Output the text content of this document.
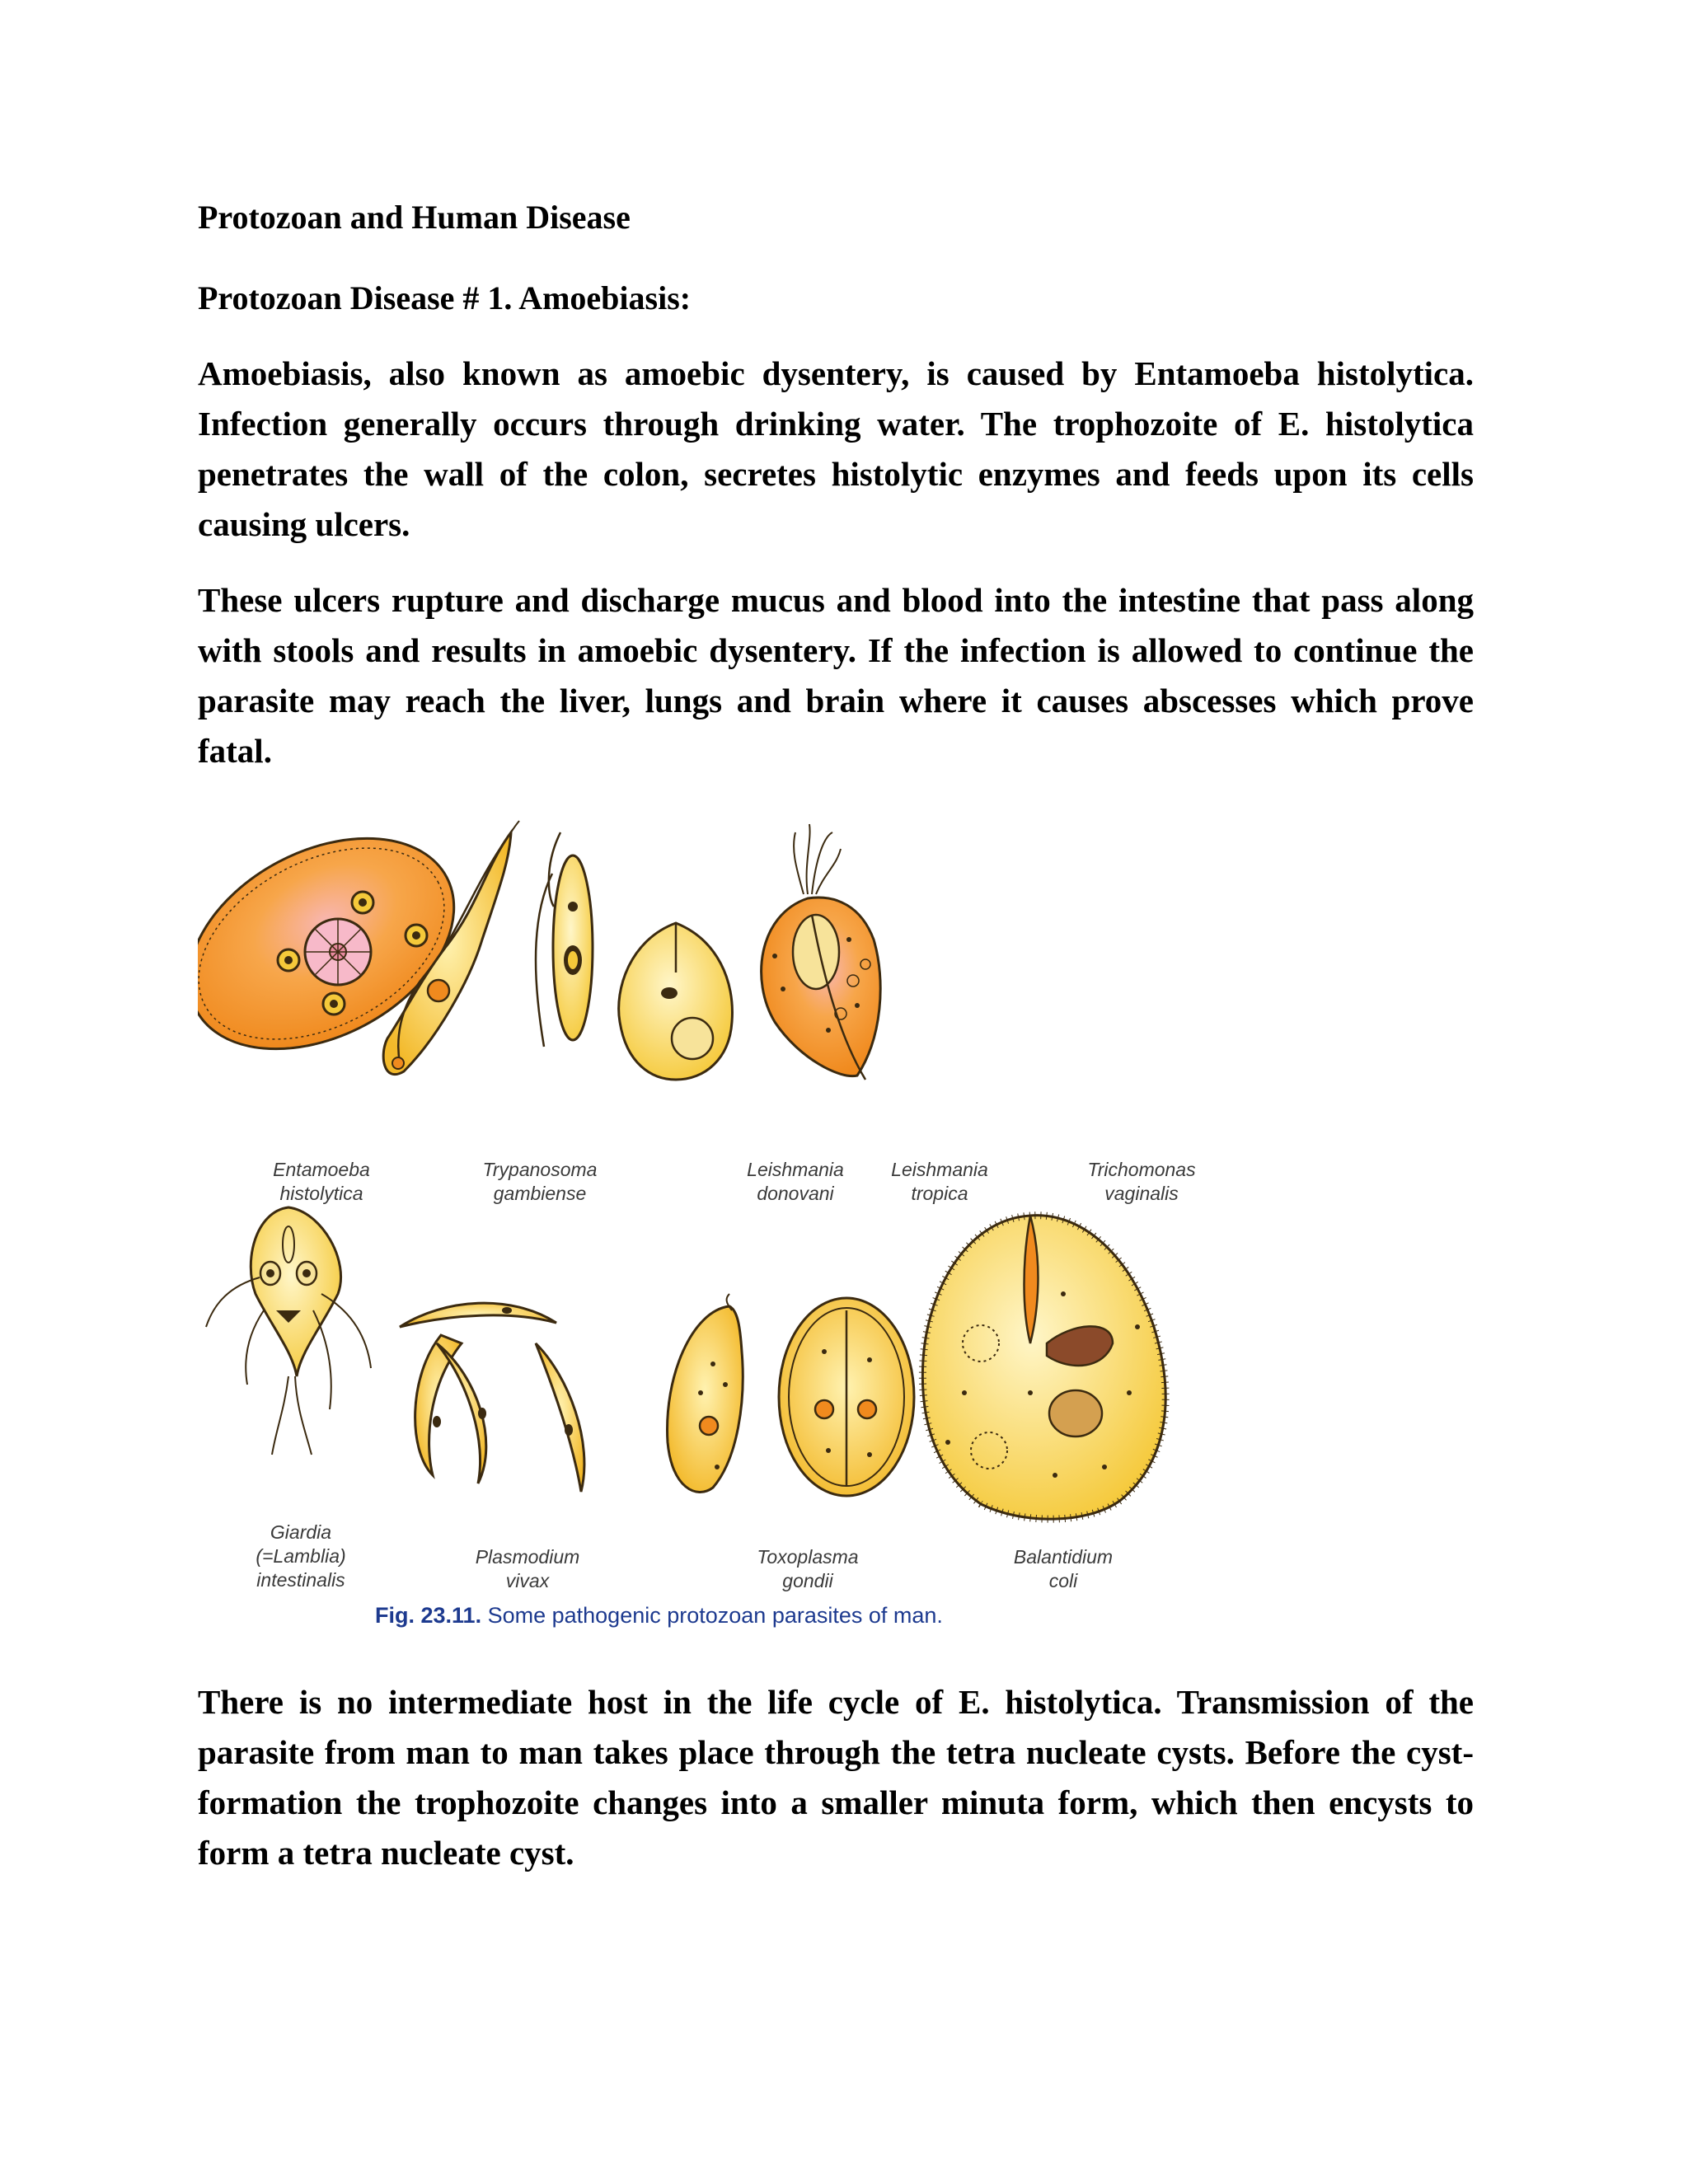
Protozoan and Human Disease
Protozoan Disease # 1. Amoebiasis:

Amoebiasis, also known as amoebic dysentery, is caused by Entamoeba histolytica. Infection generally occurs through drinking water. The trophozoite of E. histolytica penetrates the wall of the colon, secretes histolytic enzymes and feeds upon its cells causing ulcers.

These ulcers rupture and discharge mucus and blood into the intestine that pass along with stools and results in amoebic dysentery. If the infection is allowed to continue the parasite may reach the liver, lungs and brain where it causes abscesses which prove fatal.

There is no intermediate host in the life cycle of E. histolytica. Transmission of the parasite from man to man takes place through the tetra nucleate cysts. Before the cyst-formation the trophozoite changes into a smaller minuta form, which then encysts to form a tetra nucleate cyst.

Entamoeba
histolytica
Trypanosoma
gambiense
Leishmania
donovani
Leishmania
tropica
Trichomonas
vaginalis
Giardia
(=Lamblia)
intestinalis
Plasmodium
vivax
Toxoplasma
gondii
Balantidium
coli
Fig. 23.11. Some pathogenic protozoan parasites of man.
